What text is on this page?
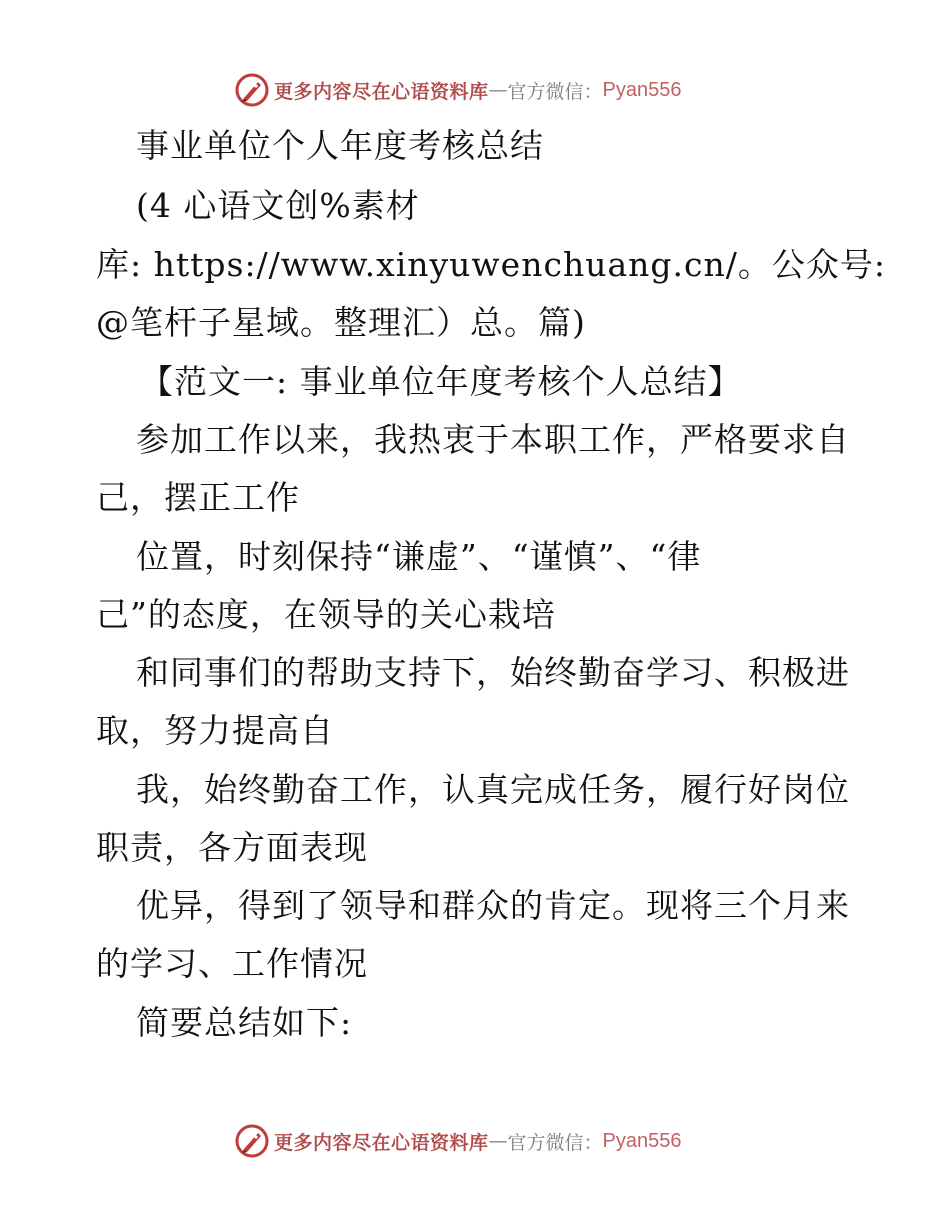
更多内容尽在心语资料库 — 官方微信： Pyan556
事业单位个人年度考核总结
(4 心语文创%素材
库: https://www.xinyuwenchuang.cn/。公众号:
@笔杆子星域。整理汇）总。篇)
【范文一: 事业单位年度考核个人总结】
参加工作以来，我热衷于本职工作，严格要求自
己，摆正工作
位置，时刻保持“谦虚”、“谨慎”、“律
己”的态度，在领导的关心栽培
和同事们的帮助支持下，始终勤奋学习、积极进
取，努力提高自
我，始终勤奋工作，认真完成任务，履行好岗位
职责，各方面表现
优异，得到了领导和群众的肯定。现将三个月来
的学习、工作情况
简要总结如下:
更多内容尽在心语资料库 — 官方微信： Pyan556
